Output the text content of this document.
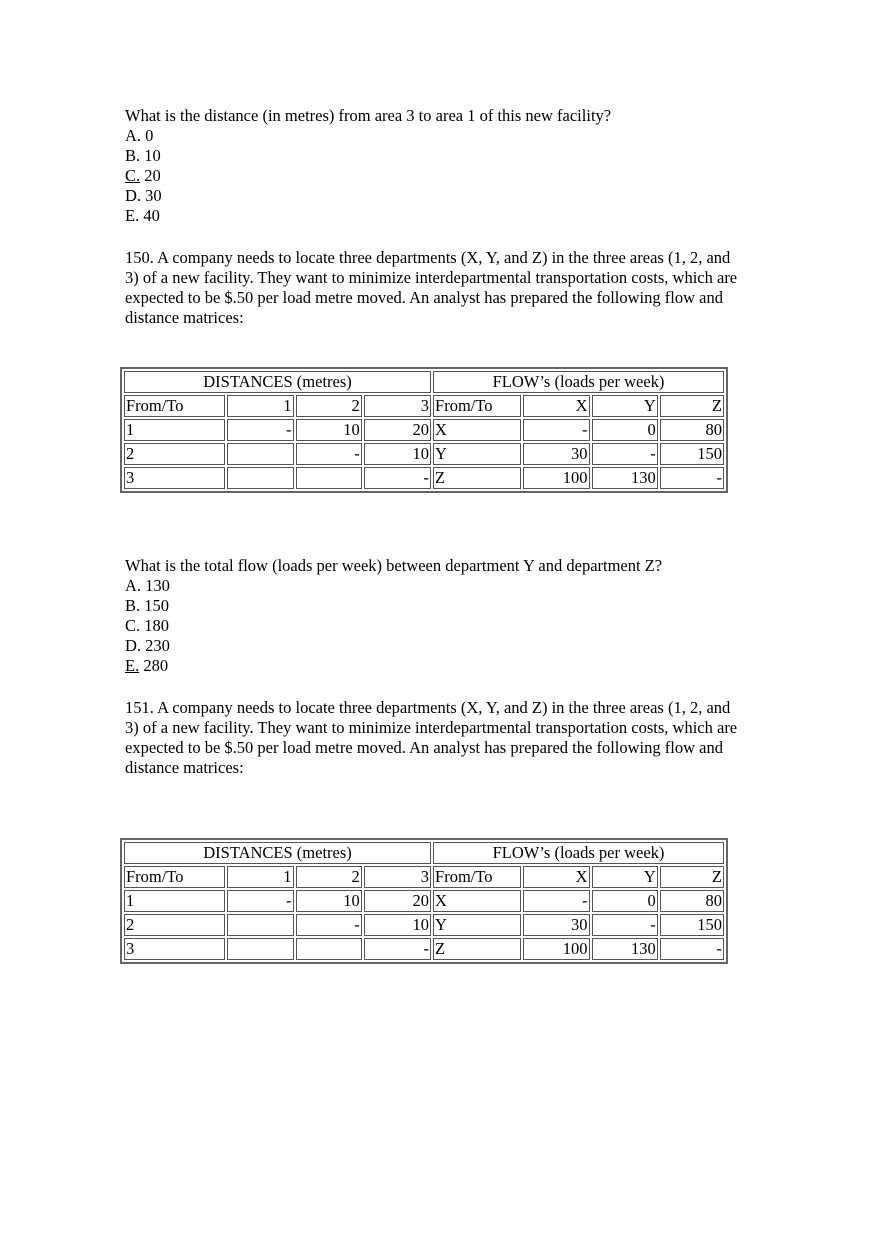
What is the distance (in metres) from area 3 to area 1 of this new facility?
A. 0
B. 10
C. 20
D. 30
E. 40
150. A company needs to locate three departments (X, Y, and Z) in the three areas (1, 2, and
3) of a new facility. They want to minimize interdepartmental transportation costs, which are
expected to be $.50 per load metre moved. An analyst has prepared the following flow and
distance matrices:
DISTANCES (metres)				FLOW’s (loads per week)			
From/To	1	2	3	From/To	X	Y	Z
1	-	10	20	X	-	0	80
2		-	10	Y	30	-	150
3			-	Z	100	130	-
What is the total flow (loads per week) between department Y and department Z?
A. 130
B. 150
C. 180
D. 230
E. 280
151. A company needs to locate three departments (X, Y, and Z) in the three areas (1, 2, and
3) of a new facility. They want to minimize interdepartmental transportation costs, which are
expected to be $.50 per load metre moved. An analyst has prepared the following flow and
distance matrices:
DISTANCES (metres)				FLOW’s (loads per week)			
From/To	1	2	3	From/To	X	Y	Z
1	-	10	20	X	-	0	80
2		-	10	Y	30	-	150
3			-	Z	100	130	-
